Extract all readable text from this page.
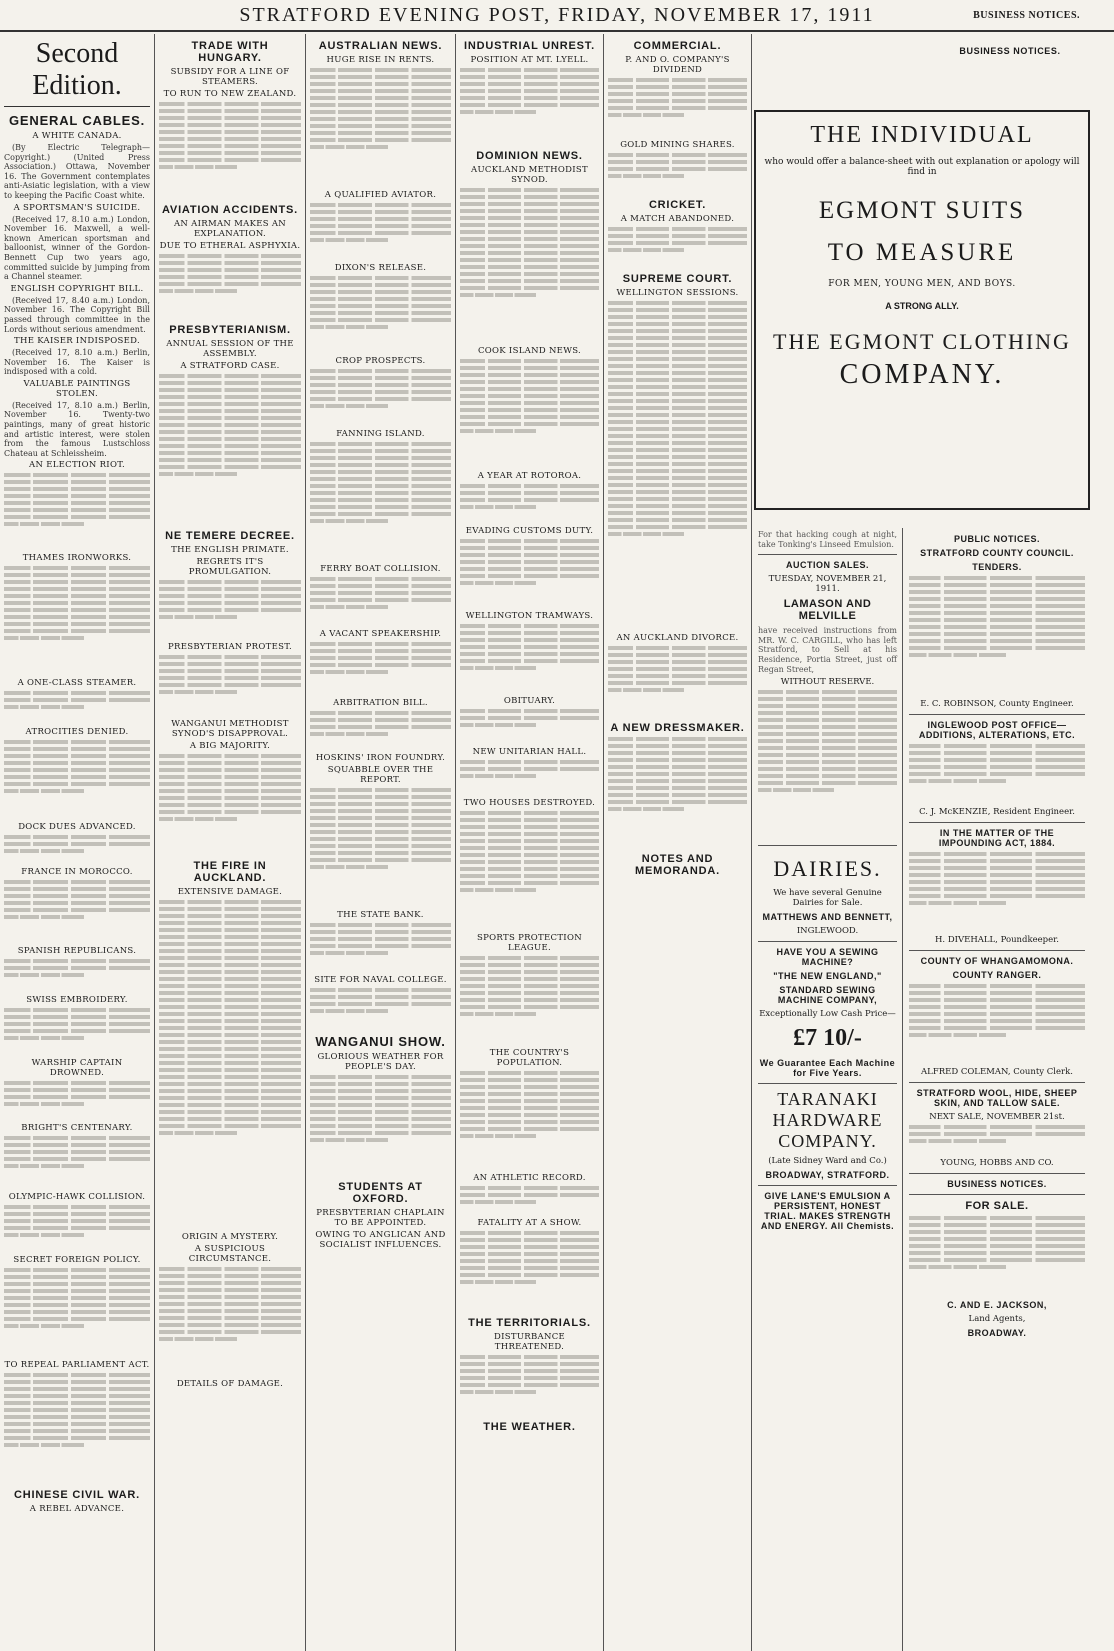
STRATFORD EVENING POST, FRIDAY, NOVEMBER 17, 1911	BUSINESS NOTICES.
Second Edition.
GENERAL CABLES.
A WHITE CANADA.

(By Electric Telegraph—Copyright.) (United Press Association.) Ottawa, November 16. The Government contemplates anti-Asiatic legislation, with a view to keeping the Pacific Coast white.

A SPORTSMAN'S SUICIDE.

(Received 17, 8.10 a.m.) London, November 16. Maxwell, a well-known American sportsman and balloonist, winner of the Gordon-Bennett Cup two years ago, committed suicide by jumping from a Channel steamer.

ENGLISH COPYRIGHT BILL.

(Received 17, 8.40 a.m.) London, November 16. The Copyright Bill passed through committee in the Lords without serious amendment.

THE KAISER INDISPOSED.

(Received 17, 8.10 a.m.) Berlin, November 16. The Kaiser is indisposed with a cold.

VALUABLE PAINTINGS STOLEN.

(Received 17, 8.10 a.m.) Berlin, November 16. Twenty-two paintings, many of great historic and artistic interest, were stolen from the famous Lustschloss Chateau at Schleissheim.

AN ELECTION RIOT.
THAMES IRONWORKS.
A ONE-CLASS STEAMER.
ATROCITIES DENIED.
DOCK DUES ADVANCED.
FRANCE IN MOROCCO.
SPANISH REPUBLICANS.
SWISS EMBROIDERY.
WARSHIP CAPTAIN DROWNED.
BRIGHT'S CENTENARY.
OLYMPIC-HAWK COLLISION.
SECRET FOREIGN POLICY.
TO REPEAL PARLIAMENT ACT.
CHINESE CIVIL WAR.
A REBEL ADVANCE.
TRADE WITH HUNGARY.
SUBSIDY FOR A LINE OF STEAMERS.
TO RUN TO NEW ZEALAND.
AVIATION ACCIDENTS.
AN AIRMAN MAKES AN EXPLANATION.
DUE TO ETHERAL ASPHYXIA.
PRESBYTERIANISM.
ANNUAL SESSION OF THE ASSEMBLY.
A STRATFORD CASE.
NE TEMERE DECREE.
THE ENGLISH PRIMATE.
REGRETS IT'S PROMULGATION.
PRESBYTERIAN PROTEST.
WANGANUI METHODIST SYNOD'S DISAPPROVAL.
A BIG MAJORITY.
THE FIRE IN AUCKLAND.
EXTENSIVE DAMAGE.
ORIGIN A MYSTERY.
A SUSPICIOUS CIRCUMSTANCE.
DETAILS OF DAMAGE.
AUSTRALIAN NEWS.
HUGE RISE IN RENTS.
A QUALIFIED AVIATOR.
DIXON'S RELEASE.
CROP PROSPECTS.
FANNING ISLAND.
FERRY BOAT COLLISION.
A VACANT SPEAKERSHIP.
ARBITRATION BILL.
HOSKINS' IRON FOUNDRY.
SQUABBLE OVER THE REPORT.
THE STATE BANK.
SITE FOR NAVAL COLLEGE.
WANGANUI SHOW.
GLORIOUS WEATHER FOR PEOPLE'S DAY.
STUDENTS AT OXFORD.
PRESBYTERIAN CHAPLAIN TO BE APPOINTED.
OWING TO ANGLICAN AND SOCIALIST INFLUENCES.
INDUSTRIAL UNREST.
POSITION AT MT. LYELL.
DOMINION NEWS.
AUCKLAND METHODIST SYNOD.
COOK ISLAND NEWS.
A YEAR AT ROTOROA.
EVADING CUSTOMS DUTY.
WELLINGTON TRAMWAYS.
OBITUARY.
NEW UNITARIAN HALL.
TWO HOUSES DESTROYED.
SPORTS PROTECTION LEAGUE.
THE COUNTRY'S POPULATION.
AN ATHLETIC RECORD.
FATALITY AT A SHOW.
THE TERRITORIALS.
DISTURBANCE THREATENED.
THE WEATHER.
COMMERCIAL.
P. AND O. COMPANY'S DIVIDEND
GOLD MINING SHARES.
CRICKET.
A MATCH ABANDONED.
SUPREME COURT.
WELLINGTON SESSIONS.
AN AUCKLAND DIVORCE.
A NEW DRESSMAKER.
NOTES AND MEMORANDA.
THE INDIVIDUAL
who would offer a balance-sheet with out explanation or apology will find in
EGMONT SUITS
TO MEASURE
FOR MEN, YOUNG MEN, AND BOYS.
A STRONG ALLY.
THE EGMONT CLOTHING
COMPANY.
For that hacking cough at night, take Tonking's Linseed Emulsion.
AUCTION SALES.
TUESDAY, NOVEMBER 21, 1911.
LAMASON AND MELVILLE
have received instructions from MR. W. C. CARGILL, who has left Stratford, to Sell at his Residence, Portia Street, just off Regan Street,
WITHOUT RESERVE.
DAIRIES.
We have several Genuine Dairies for Sale.
MATTHEWS AND BENNETT,
INGLEWOOD.
HAVE YOU A SEWING MACHINE?
"THE NEW ENGLAND,"
STANDARD SEWING MACHINE COMPANY,
Exceptionally Low Cash Price—
£7 10/-
We Guarantee Each Machine for Five Years.
TARANAKI
HARDWARE
COMPANY.
(Late Sidney Ward and Co.)
BROADWAY, STRATFORD.
GIVE LANE'S EMULSION A PERSISTENT, HONEST TRIAL. MAKES STRENGTH AND ENERGY. All Chemists.
PUBLIC NOTICES.
STRATFORD COUNTY COUNCIL.
TENDERS.
E. C. ROBINSON, County Engineer.
INGLEWOOD POST OFFICE—ADDITIONS, ALTERATIONS, ETC.
C. J. McKENZIE, Resident Engineer.
IN THE MATTER OF THE IMPOUNDING ACT, 1884.
H. DIVEHALL, Poundkeeper.
COUNTY OF WHANGAMOMONA.
COUNTY RANGER.
ALFRED COLEMAN, County Clerk.
STRATFORD WOOL, HIDE, SHEEP SKIN, AND TALLOW SALE.
NEXT SALE, NOVEMBER 21st.
YOUNG, HOBBS AND CO.
BUSINESS NOTICES.
FOR SALE.
C. AND E. JACKSON,
Land Agents,
BROADWAY.
BUSINESS NOTICES.
